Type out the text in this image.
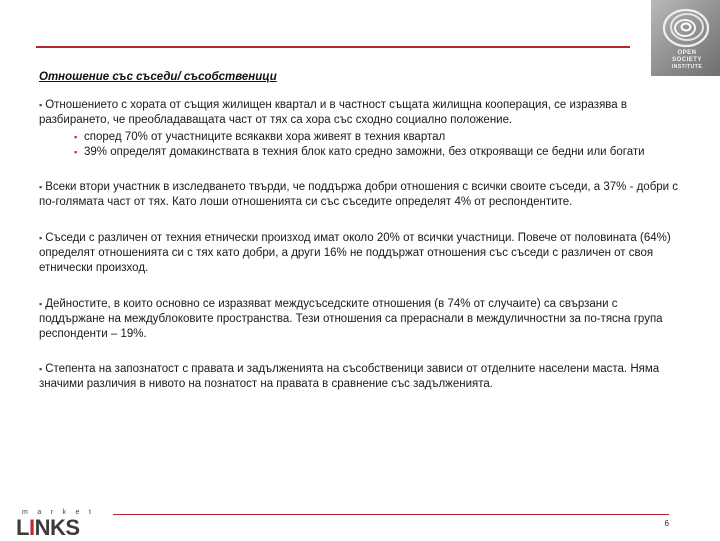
OPEN
SOCIETY
INSTITUTE
Отношение със съседи/ съсобственици

▪ Отношението с хората от същия жилищен квартал и в частност същата жилищна кооперация, се изразява в разбирането, че преобладаващата част от тях са хора със сходно социално положение.

▪ според 70% от участниците всякакви хора живеят в техния квартал
▪ 39% определят домакинствата в техния блок като средно заможни, без открояващи се бедни или богати

▪ Всеки втори участник в изследването твърди, че поддържа добри отношения с всички своите съседи, а 37% - добри с по-голямата част от тях. Като лоши отношенията си със съседите определят 4% от респондентите.

▪ Съседи с различен от техния етнически произход имат около 20% от всички участници. Повече от половината (64%) определят отношенията си с тях като добри, а други 16% не поддържат отношения със съседи с различен от своя етнически произход.

▪ Дейностите, в които основно се изразяват междусъседските отношения (в 74% от случаите) са свързани с поддържане на междублоковите пространства. Тези отношения са прераснали в междуличностни за по-тясна група респонденти – 19%.

▪ Степента на запознатост с правата и задълженията на съсобственици зависи от отделните населени маста. Няма значими различия в нивото на познатост на правата в сравнение със задълженията.

market
LINKS	6
